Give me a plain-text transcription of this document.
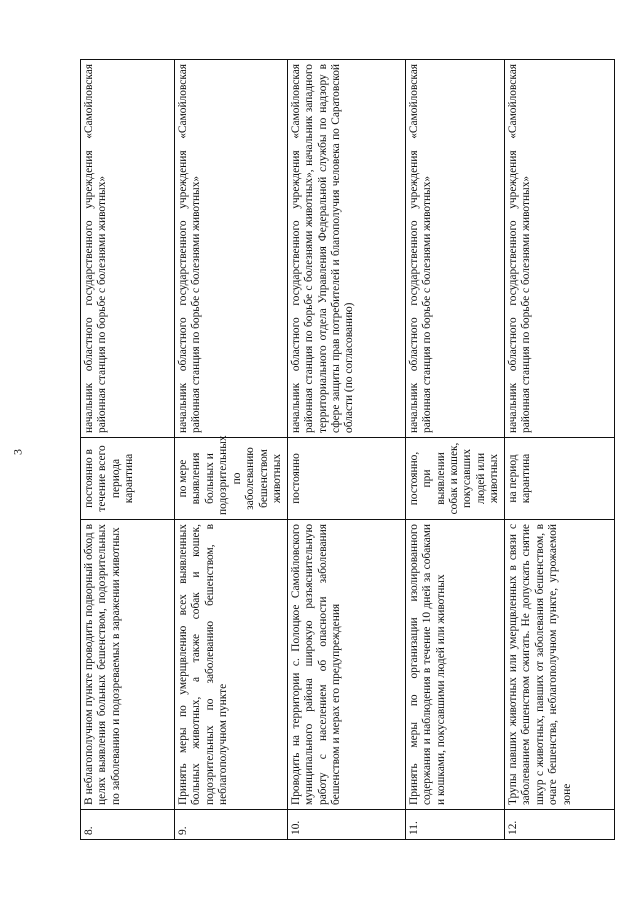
3
8.	В неблагополучном пункте проводить подворный обход в целях выявления больных бешенством, подозрительных по заболеванию и подозреваемых в заражении животных	постоянно в течение всего периода карантина	начальник областного государственного учреждения «Самойловская районная станция по борьбе с болезнями животных»
9.	Принять меры по умерщвлению всех выявленных больных животных, а также собак и кошек, подозрительных по заболеванию бешенством, в неблагополучном пункте	по мере выявления больных и подозрительных по заболеванию бешенством животных	начальник областного государственного учреждения «Самойловская районная станция по борьбе с болезнями животных»
10.	Проводить на территории с. Полоцкое Самойловского муниципального района широкую разъяснительную работу с населением об опасности заболевания бешенством и мерах его предупреждения	постоянно	начальник областного государственного учреждения «Самойловская районная станция по борьбе с болезнями животных», начальник западного территориального отдела Управления Федеральной службы по надзору в сфере защиты прав потребителей и благополучия человека по Саратовской области (по согласованию)
11.	Принять меры по организации изолированного содержания и наблюдения в течение 10 дней за собаками и кошками, покусавшими людей или животных	постоянно, при выявлении собак и кошек, покусавших людей или животных	начальник областного государственного учреждения «Самойловская районная станция по борьбе с болезнями животных»
12.	Трупы павших животных или умерщвленных в связи с заболеванием бешенством сжигать. Не допускать снятие шкур с животных, павших от заболевания бешенством, в очаге бешенства, неблагополучном пункте, угрожаемой зоне	на период карантина	начальник областного государственного учреждения «Самойловская районная станция по борьбе с болезнями животных»
